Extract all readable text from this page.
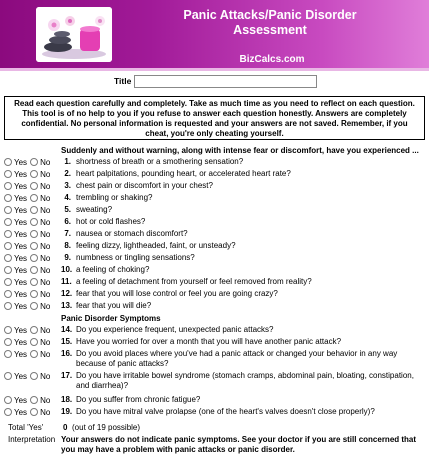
Panic Attacks/Panic Disorder Assessment
BizCalcs.com
Title
Read each question carefully and completely. Take as much time as you need to reflect on each question. This tool is of no help to you if you refuse to answer each question honestly. Answers are completely confidential. No personal information is requested and your answers are not saved. Remember, if you cheat, you're only cheating yourself.
Suddenly and without warning, along with intense fear or discomfort, have you experienced ...
Yes No	1. shortness of breath or a smothering sensation?
Yes No	2. heart palpitations, pounding heart, or accelerated heart rate?
Yes No	3. chest pain or discomfort in your chest?
Yes No	4. trembling or shaking?
Yes No	5. sweating?
Yes No	6. hot or cold flashes?
Yes No	7. nausea or stomach discomfort?
Yes No	8. feeling dizzy, lightheaded, faint, or unsteady?
Yes No	9. numbness or tingling sensations?
Yes No 10. a feeling of choking?
Yes No 11. a feeling of detachment from yourself or feel removed from reality?
Yes No 12. fear that you will lose control or feel you are going crazy?
Yes No 13. fear that you will die?
Panic Disorder Symptoms
Yes No 14. Do you experience frequent, unexpected panic attacks?
Yes No 15. Have you worried for over a month that you will have another panic attack?
Yes No 16. Do you avoid places where you've had a panic attack or changed your behavior in any way because of panic attacks?
Yes No 17. Do you have irritable bowel syndrome (stomach cramps, abdominal pain, bloating, constipation, and diarrhea)?
Yes No 18. Do you suffer from chronic fatigue?
Yes No 19. Do you have mitral valve prolapse (one of the heart's valves doesn't close properly)?
Total 'Yes' 0 (out of 19 possible)
Interpretation Your answers do not indicate panic symptoms. See your doctor if you are still concerned that you may have a problem with panic attacks or panic disorder.
